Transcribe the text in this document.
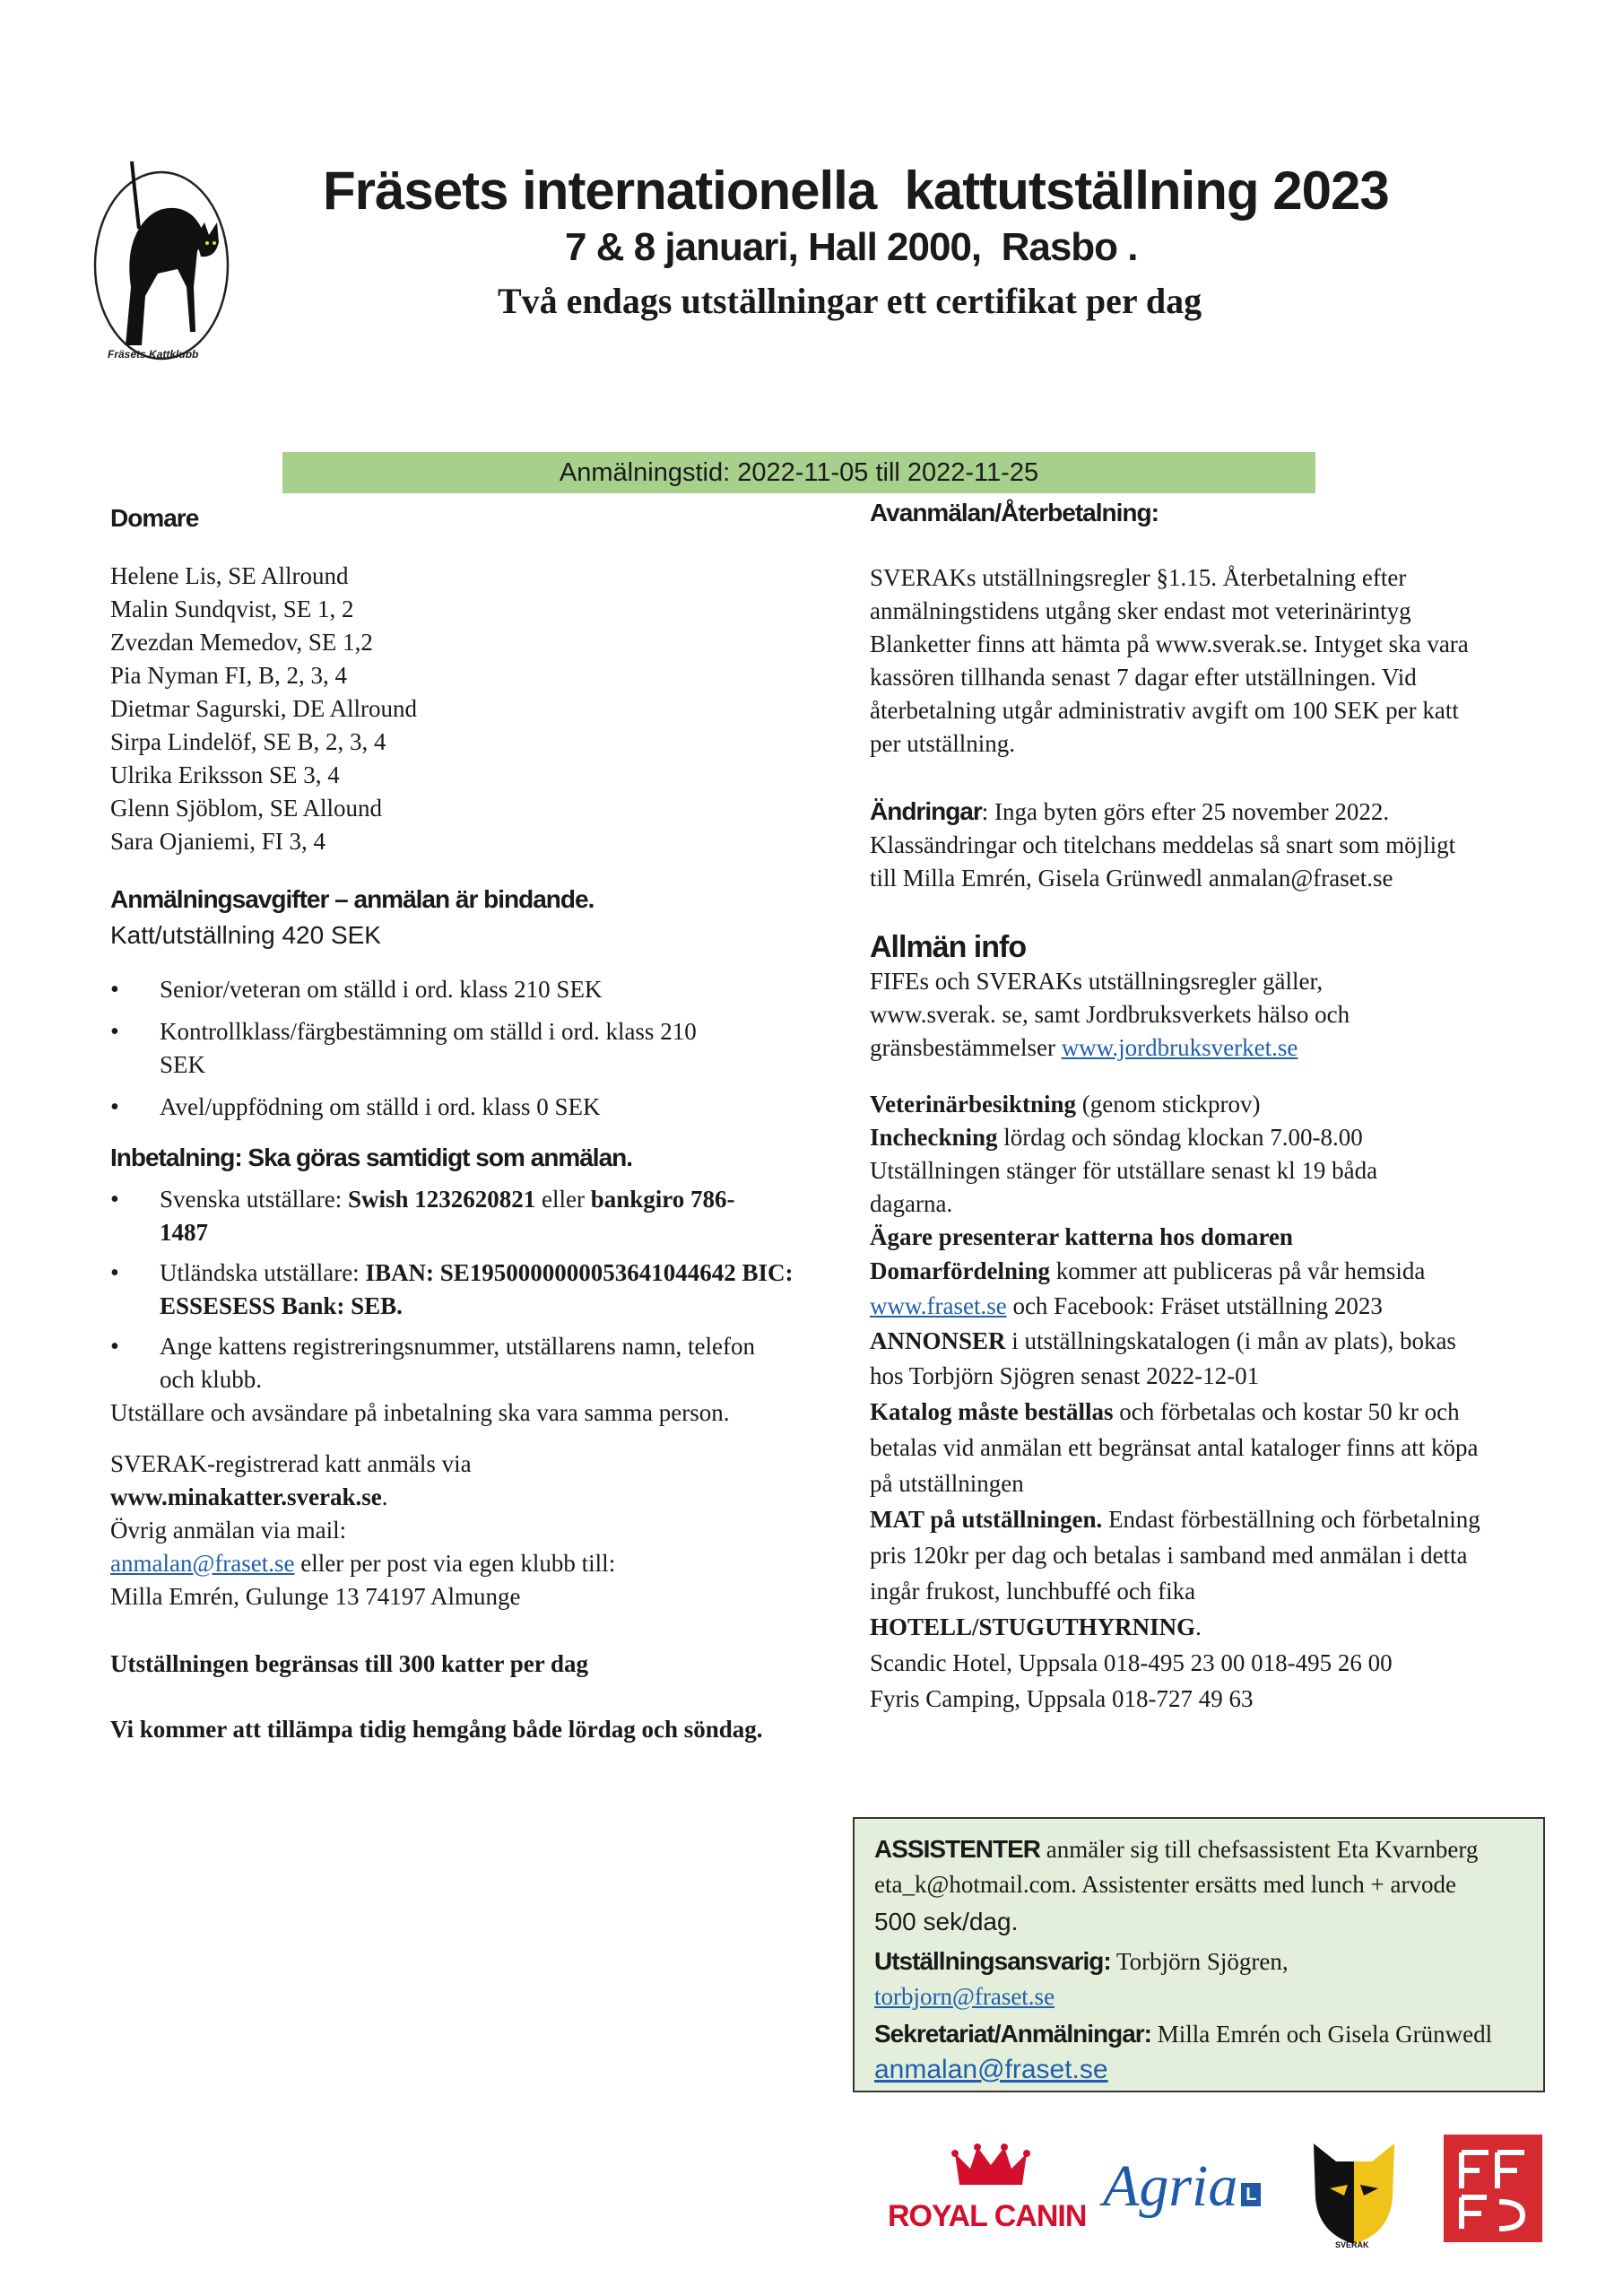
Fräsets Kattklubb
Fräsets internationella  kattutställning 2023
7 & 8 januari, Hall 2000,  Rasbo .
Två endags utställningar ett certifikat per dag
Anmälningstid: 2022-11-05 till 2022-11-25
Domare

Helene Lis, SE Allround

Malin Sundqvist, SE 1, 2

Zvezdan Memedov, SE 1,2

Pia Nyman FI, B, 2, 3, 4

Dietmar Sagurski, DE Allround

Sirpa Lindelöf, SE B, 2, 3, 4

Ulrika Eriksson SE 3, 4

Glenn Sjöblom, SE Allound

Sara Ojaniemi, FI 3, 4

Anmälningsavgifter – anmälan är bindande.
Katt/utställning 420 SEK
• Senior/veteran om ställd i ord. klass 210 SEK
• Kontrollklass/färgbestämning om ställd i ord. klass 210 SEK
• Avel/uppfödning om ställd i ord. klass 0 SEK
Inbetalning: Ska göras samtidigt som anmälan.
• Svenska utställare: Swish 1232620821 eller bankgiro 786-1487
• Utländska utställare: IBAN: SE1950000000053641044642 BIC: ESSESESS Bank: SEB.
• Ange kattens registreringsnummer, utställarens namn, telefon och klubb.

Utställare och avsändare på inbetalning ska vara samma person.

SVERAK-registrerad katt anmäls via

www.minakatter.sverak.se.

Övrig anmälan via mail:

anmalan@fraset.se eller per post via egen klubb till:

Milla Emrén, Gulunge 13 74197 Almunge

Utställningen begränsas till 300 katter per dag

Vi kommer att tillämpa tidig hemgång både lördag och söndag.

Avanmälan/Återbetalning:

SVERAKs utställningsregler §1.15. Återbetalning efter anmälningstidens utgång sker endast mot veterinärintyg Blanketter finns att hämta på www.sverak.se. Intyget ska vara kassören tillhanda senast 7 dagar efter utställningen. Vid återbetalning utgår administrativ avgift om 100 SEK per katt per utställning.

Ändringar: Inga byten görs efter 25 november 2022. Klassändringar och titelchans meddelas så snart som möjligt till Milla Emrén, Gisela Grünwedl anmalan@fraset.se

Allmän info

FIFEs och SVERAKs utställningsregler gäller, www.sverak. se, samt Jordbruksverkets hälso och gränsbestämmelser www.jordbruksverket.se

Veterinärbesiktning (genom stickprov)

Incheckning lördag och söndag klockan 7.00-8.00

Utställningen stänger för utställare senast kl 19 båda dagarna.

Ägare presenterar katterna hos domaren

Domarfördelning kommer att publiceras på vår hemsida www.fraset.se och Facebook: Fräset utställning 2023

ANNONSER i utställningskatalogen (i mån av plats), bokas hos Torbjörn Sjögren senast 2022-12-01

Katalog måste beställas och förbetalas och kostar 50 kr och betalas vid anmälan ett begränsat antal kataloger finns att köpa på utställningen

MAT på utställningen. Endast förbeställning och förbetalning pris 120kr per dag och betalas i samband med anmälan i detta ingår frukost, lunchbuffé och fika

HOTELL/STUGUTHYRNING.

Scandic Hotel, Uppsala 018-495 23 00 018-495 26 00

Fyris Camping, Uppsala 018-727 49 63

ASSISTENTER anmäler sig till chefsassistent Eta Kvarnberg eta_k@hotmail.com. Assistenter ersätts med lunch + arvode

500 sek/dag.

Utställningsansvarig: Torbjörn Sjögren,

torbjorn@fraset.se

Sekretariat/Anmälningar: Milla Emrén och Gisela Grünwedl anmalan@fraset.se

ROYAL CANIN Agria L
SVERAK
